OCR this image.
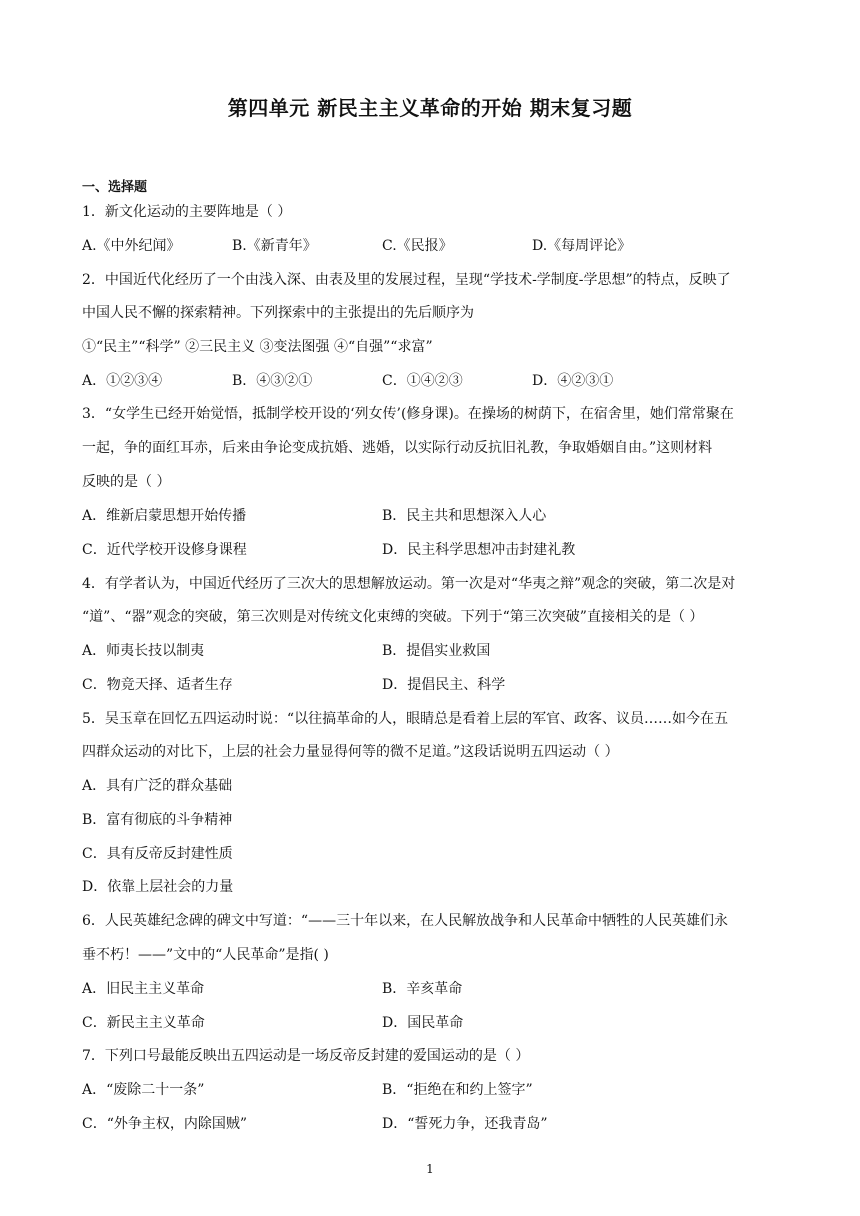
第四单元 新民主主义革命的开始 期末复习题
一、选择题
1．新文化运动的主要阵地是（ ）
A.《中外纪闻》	B.《新青年》	C.《民报》	D.《每周评论》
2．中国近代化经历了一个由浅入深、由表及里的发展过程，呈现“学技术-学制度-学思想”的特点，反映了
中国人民不懈的探索精神。下列探索中的主张提出的先后顺序为
①“民主”“科学” ②三民主义 ③变法图强 ④“自强”“求富”
A．①②③④	B．④③②①	C．①④②③	D．④②③①
3．“女学生已经开始觉悟，抵制学校开设的‘列女传’(修身课)。在操场的树荫下，在宿舍里，她们常常聚在
一起，争的面红耳赤，后来由争论变成抗婚、逃婚，以实际行动反抗旧礼教，争取婚姻自由。”这则材料
反映的是（ ）
A．维新启蒙思想开始传播	B．民主共和思想深入人心
C．近代学校开设修身课程	D．民主科学思想冲击封建礼教
4．有学者认为，中国近代经历了三次大的思想解放运动。第一次是对“华夷之辩”观念的突破，第二次是对
“道”、“器”观念的突破，第三次则是对传统文化束缚的突破。下列于“第三次突破”直接相关的是（ ）
A．师夷长技以制夷	B．提倡实业救国
C．物竞天择、适者生存	D．提倡民主、科学
5．吴玉章在回忆五四运动时说：“以往搞革命的人，眼睛总是看着上层的军官、政客、议员……如今在五
四群众运动的对比下，上层的社会力量显得何等的微不足道。”这段话说明五四运动（ ）
A．具有广泛的群众基础
B．富有彻底的斗争精神
C．具有反帝反封建性质
D．依靠上层社会的力量
6．人民英雄纪念碑的碑文中写道：“——三十年以来，在人民解放战争和人民革命中牺牲的人民英雄们永
垂不朽！——”文中的“人民革命”是指( )
A．旧民主主义革命	B．辛亥革命
C．新民主主义革命	D．国民革命
7．下列口号最能反映出五四运动是一场反帝反封建的爱国运动的是（ ）
A．“废除二十一条”	B．“拒绝在和约上签字”
C．“外争主权，内除国贼”	D．“誓死力争，还我青岛”
1
